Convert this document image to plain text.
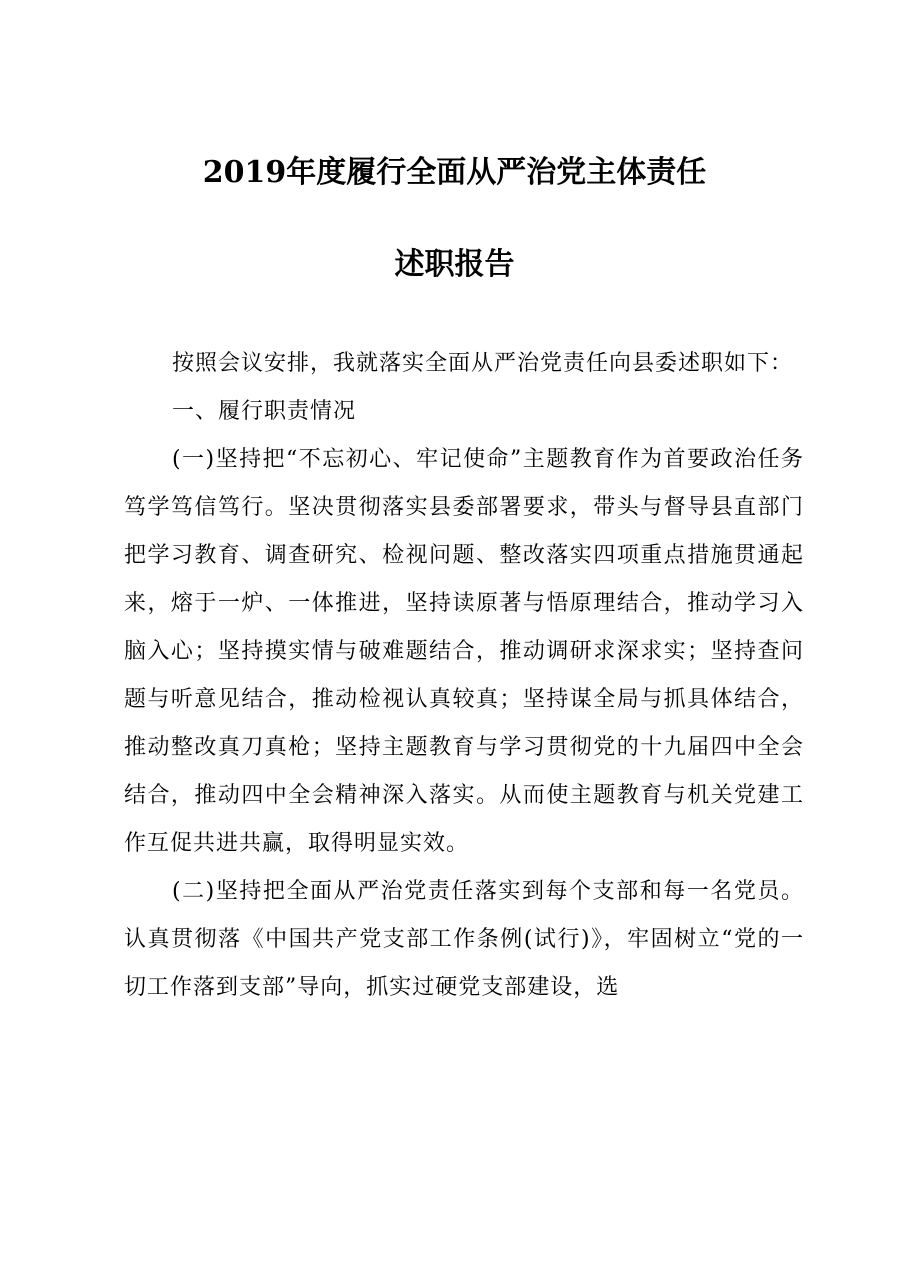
2019年度履行全面从严治党主体责任
述职报告

按照会议安排，我就落实全面从严治党责任向县委述职如下：

一、履行职责情况

(一)坚持把“不忘初心、牢记使命”主题教育作为首要政治任务笃学笃信笃行。坚决贯彻落实县委部署要求，带头与督导县直部门把学习教育、调查研究、检视问题、整改落实四项重点措施贯通起来，熔于一炉、一体推进，坚持读原著与悟原理结合，推动学习入脑入心；坚持摸实情与破难题结合，推动调研求深求实；坚持查问题与听意见结合，推动检视认真较真；坚持谋全局与抓具体结合，推动整改真刀真枪；坚持主题教育与学习贯彻党的十九届四中全会结合，推动四中全会精神深入落实。从而使主题教育与机关党建工作互促共进共赢，取得明显实效。

(二)坚持把全面从严治党责任落实到每个支部和每一名党员。认真贯彻落《中国共产党支部工作条例(试行)》，牢固树立“党的一切工作落到支部”导向，抓实过硬党支部建设，选
